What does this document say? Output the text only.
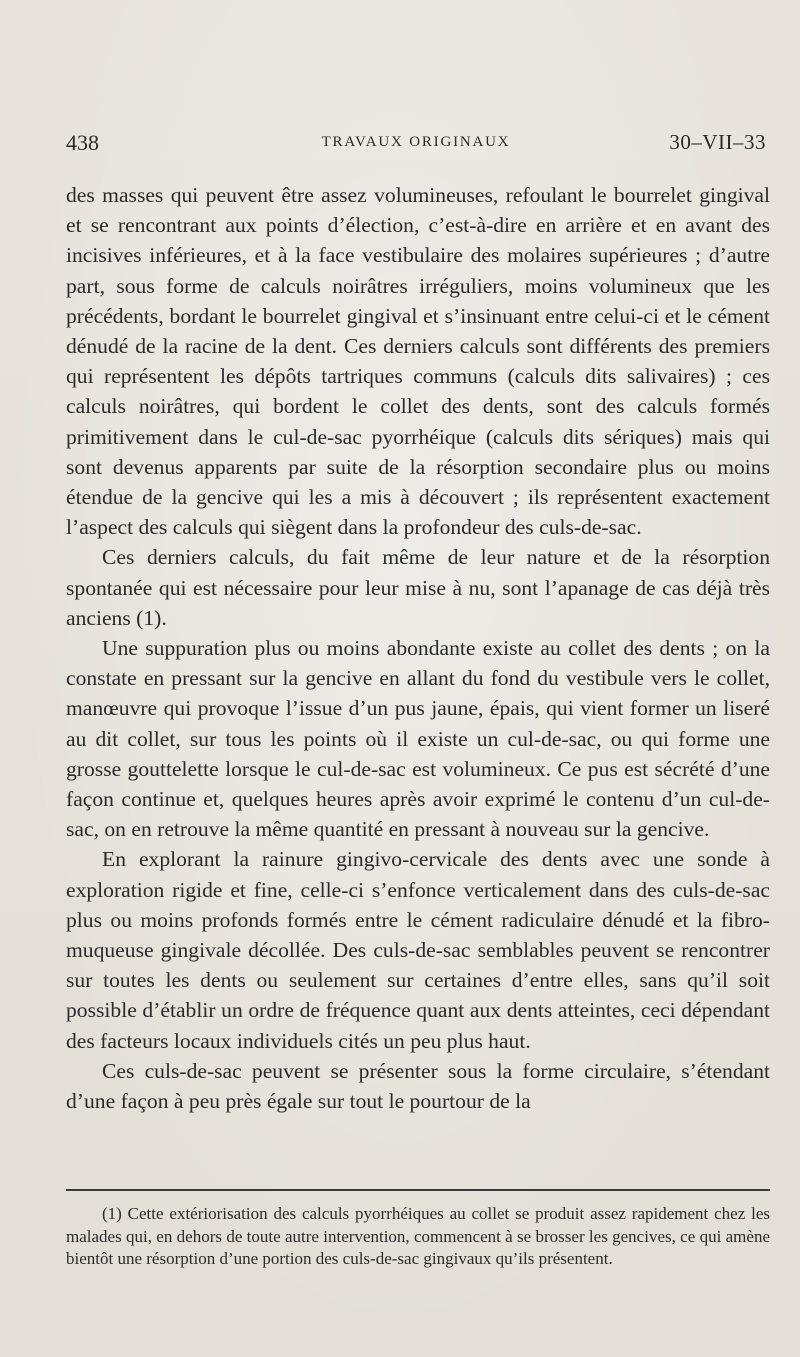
438	TRAVAUX ORIGINAUX	30–VII–33

des masses qui peuvent être assez volumineuses, refoulant le bourrelet gingival et se rencontrant aux points d’élection, c’est-à-dire en arrière et en avant des incisives inférieures, et à la face vestibulaire des molaires supérieures ; d’autre part, sous forme de calculs noirâtres irréguliers, moins volumineux que les précédents, bordant le bourrelet gingival et s’insinuant entre celui-ci et le cément dénudé de la racine de la dent. Ces derniers calculs sont différents des premiers qui représentent les dépôts tartriques communs (calculs dits salivaires) ; ces calculs noirâtres, qui bordent le collet des dents, sont des calculs formés primitivement dans le cul-de-sac pyorrhéique (calculs dits sériques) mais qui sont devenus apparents par suite de la résorption secondaire plus ou moins étendue de la gencive qui les a mis à découvert ; ils représentent exactement l’aspect des calculs qui siègent dans la profondeur des culs-de-sac.

Ces derniers calculs, du fait même de leur nature et de la résorption spontanée qui est nécessaire pour leur mise à nu, sont l’apanage de cas déjà très anciens (1).

Une suppuration plus ou moins abondante existe au collet des dents ; on la constate en pressant sur la gencive en allant du fond du vestibule vers le collet, manœuvre qui provoque l’issue d’un pus jaune, épais, qui vient former un liseré au dit collet, sur tous les points où il existe un cul-de-sac, ou qui forme une grosse gouttelette lorsque le cul-de-sac est volumineux. Ce pus est sécrété d’une façon continue et, quelques heures après avoir exprimé le contenu d’un cul-de-sac, on en retrouve la même quantité en pressant à nouveau sur la gencive.

En explorant la rainure gingivo-cervicale des dents avec une sonde à exploration rigide et fine, celle-ci s’enfonce verticalement dans des culs-de-sac plus ou moins profonds formés entre le cément radiculaire dénudé et la fibro-muqueuse gingivale décollée. Des culs-de-sac semblables peuvent se rencontrer sur toutes les dents ou seulement sur certaines d’entre elles, sans qu’il soit possible d’établir un ordre de fréquence quant aux dents atteintes, ceci dépendant des facteurs locaux individuels cités un peu plus haut.

Ces culs-de-sac peuvent se présenter sous la forme circulaire, s’étendant d’une façon à peu près égale sur tout le pourtour de la

(1) Cette extériorisation des calculs pyorrhéiques au collet se produit assez rapidement chez les malades qui, en dehors de toute autre intervention, commencent à se brosser les gencives, ce qui amène bientôt une résorption d’une portion des culs-de-sac gingivaux qu’ils présentent.
